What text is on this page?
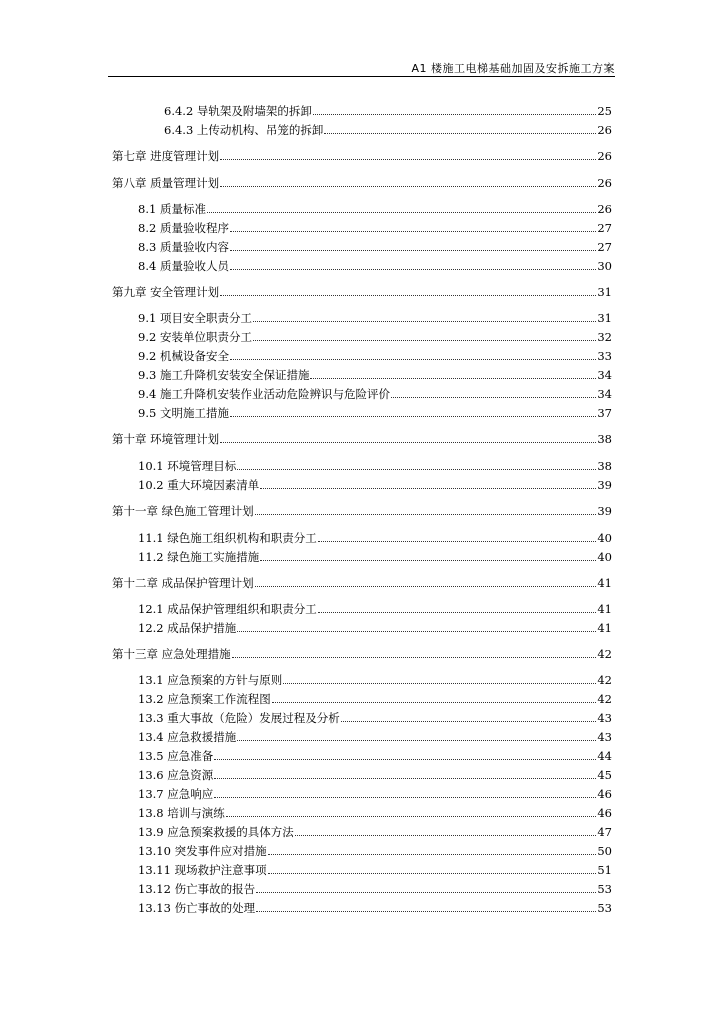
A1 楼施工电梯基础加固及安拆施工方案
6.4.2 导轨架及附墙架的拆卸	25
6.4.3 上传动机构、吊笼的拆卸	26
第七章 进度管理计划	26
第八章 质量管理计划	26
8.1 质量标准	26
8.2 质量验收程序	27
8.3 质量验收内容	27
8.4 质量验收人员	30
第九章 安全管理计划	31
9.1 项目安全职责分工	31
9.2 安装单位职责分工	32
9.2 机械设备安全	33
9.3 施工升降机安装安全保证措施	34
9.4 施工升降机安装作业活动危险辨识与危险评价	34
9.5 文明施工措施	37
第十章 环境管理计划	38
10.1 环境管理目标	38
10.2 重大环境因素清单	39
第十一章 绿色施工管理计划	39
11.1 绿色施工组织机构和职责分工	40
11.2 绿色施工实施措施	40
第十二章 成品保护管理计划	41
12.1 成品保护管理组织和职责分工	41
12.2 成品保护措施	41
第十三章 应急处理措施	42
13.1 应急预案的方针与原则	42
13.2 应急预案工作流程图	42
13.3 重大事故（危险）发展过程及分析	43
13.4 应急救援措施	43
13.5 应急准备	44
13.6 应急资源	45
13.7 应急响应	46
13.8 培训与演练	46
13.9 应急预案救援的具体方法	47
13.10 突发事件应对措施	50
13.11 现场救护注意事项	51
13.12 伤亡事故的报告	53
13.13 伤亡事故的处理	53
